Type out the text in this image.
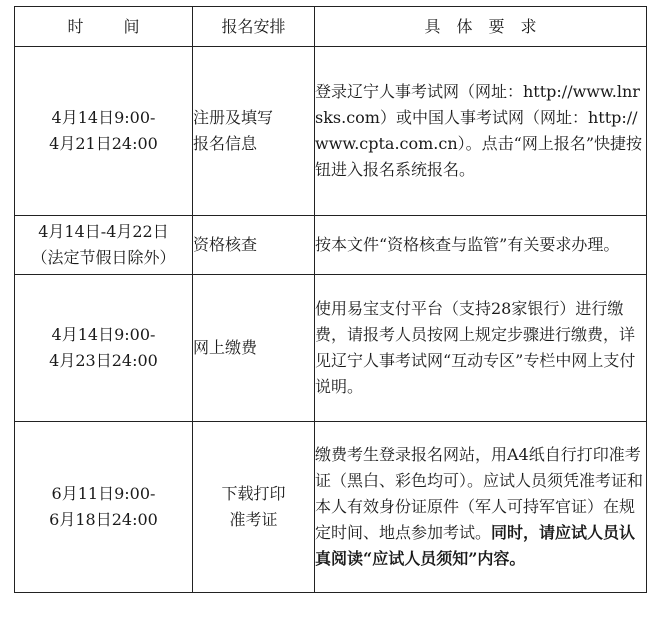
时间	报名安排	具体要求

4月14日9:00-
4月21日24:00	注册及填写
报名信息	登录辽宁人事考试网（网址：http://www.lnrsks.com）或中国人事考试网（网址：http://www.cpta.com.cn）。点击“网上报名”快捷按钮进入报名系统报名。

4月14日-4月22日
（法定节假日除外）	资格核查	按本文件“资格核查与监管”有关要求办理。

4月14日9:00-
4月23日24:00	网上缴费	使用易宝支付平台（支持28家银行）进行缴费，请报考人员按网上规定步骤进行缴费，详见辽宁人事考试网“互动专区”专栏中网上支付说明。

6月11日9:00-
6月18日24:00	下载打印
准考证	缴费考生登录报名网站，用A4纸自行打印准考证（黑白、彩色均可）。应试人员须凭准考证和本人有效身份证原件（军人可持军官证）在规定时间、地点参加考试。同时，请应试人员认真阅读“应试人员须知”内容。
